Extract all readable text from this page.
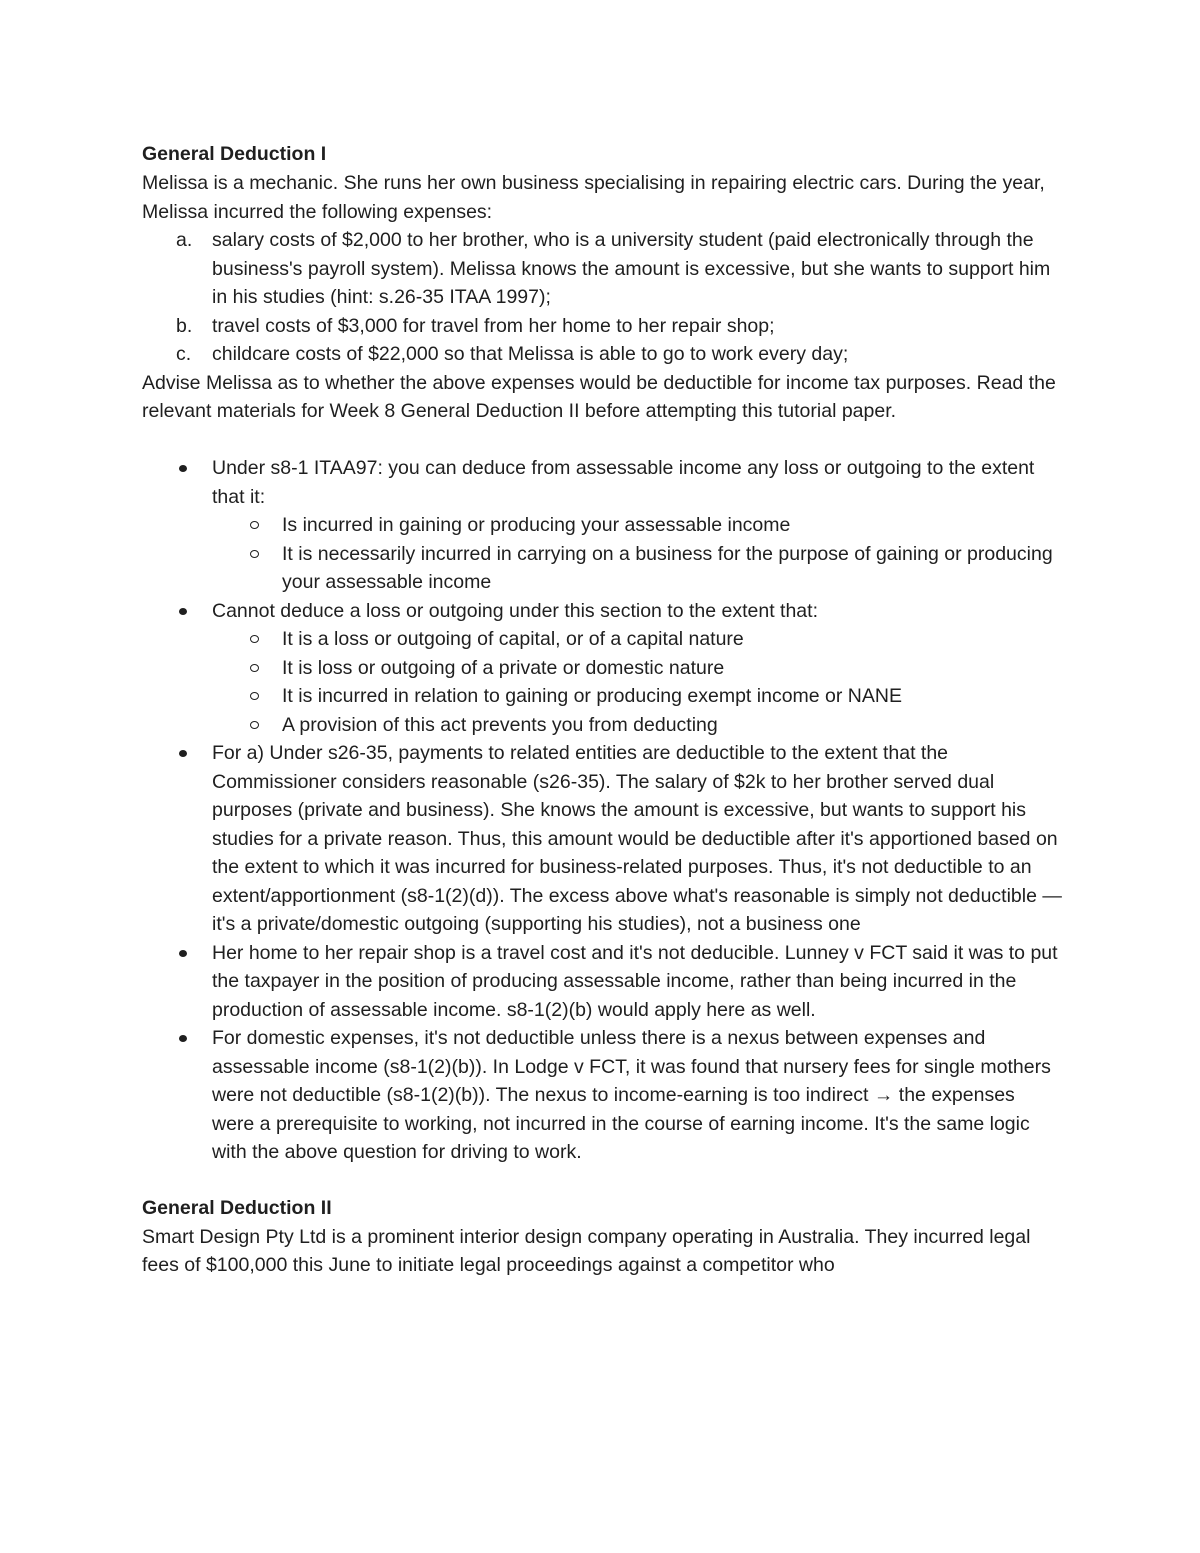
General Deduction I

Melissa is a mechanic. She runs her own business specialising in repairing electric cars. During the year, Melissa incurred the following expenses:

a. salary costs of $2,000 to her brother, who is a university student (paid electronically through the business's payroll system). Melissa knows the amount is excessive, but she wants to support him in his studies (hint: s.26-35 ITAA 1997);
b. travel costs of $3,000 for travel from her home to her repair shop;
c. childcare costs of $22,000 so that Melissa is able to go to work every day;

Advise Melissa as to whether the above expenses would be deductible for income tax purposes. Read the relevant materials for Week 8 General Deduction II before attempting this tutorial paper.

Under s8-1 ITAA97: you can deduce from assessable income any loss or outgoing to the extent that it:
Is incurred in gaining or producing your assessable income
It is necessarily incurred in carrying on a business for the purpose of gaining or producing your assessable income
Cannot deduce a loss or outgoing under this section to the extent that:
It is a loss or outgoing of capital, or of a capital nature
It is loss or outgoing of a private or domestic nature
It is incurred in relation to gaining or producing exempt income or NANE
A provision of this act prevents you from deducting
For a) Under s26-35, payments to related entities are deductible to the extent that the Commissioner considers reasonable (s26-35). The salary of $2k to her brother served dual purposes (private and business). She knows the amount is excessive, but wants to support his studies for a private reason. Thus, this amount would be deductible after it's apportioned based on the extent to which it was incurred for business-related purposes. Thus, it's not deductible to an extent/apportionment (s8-1(2)(d)). The excess above what's reasonable is simply not deductible — it's a private/domestic outgoing (supporting his studies), not a business one
Her home to her repair shop is a travel cost and it's not deducible. Lunney v FCT said it was to put the taxpayer in the position of producing assessable income, rather than being incurred in the production of assessable income. s8-1(2)(b) would apply here as well.
For domestic expenses, it's not deductible unless there is a nexus between expenses and assessable income (s8-1(2)(b)). In Lodge v FCT, it was found that nursery fees for single mothers were not deductible (s8-1(2)(b)). The nexus to income-earning is too indirect → the expenses were a prerequisite to working, not incurred in the course of earning income. It's the same logic with the above question for driving to work.

General Deduction II

Smart Design Pty Ltd is a prominent interior design company operating in Australia. They incurred legal fees of $100,000 this June to initiate legal proceedings against a competitor who
